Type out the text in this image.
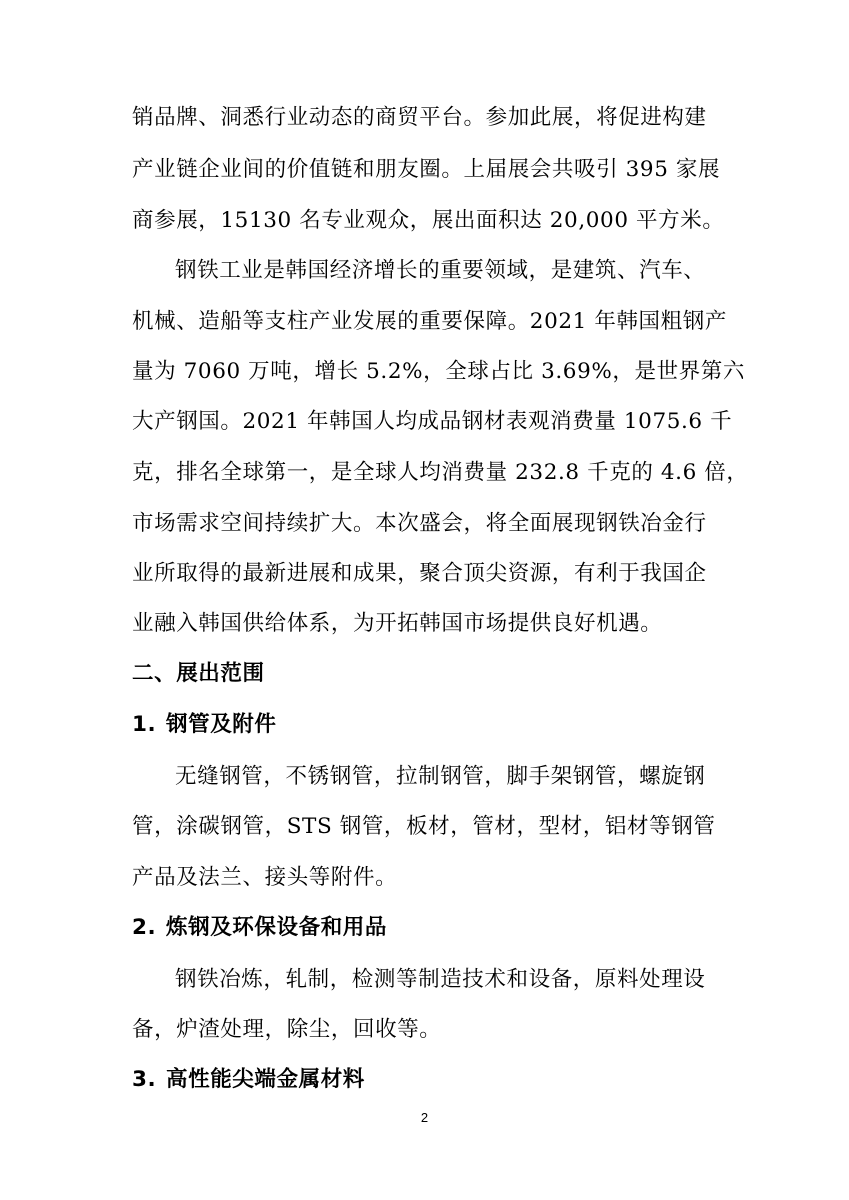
销品牌、洞悉行业动态的商贸平台。参加此展，将促进构建
产业链企业间的价值链和朋友圈。上届展会共吸引 395 家展
商参展，15130 名专业观众，展出面积达 20,000 平方米。
钢铁工业是韩国经济增长的重要领域，是建筑、汽车、
机械、造船等支柱产业发展的重要保障。2021 年韩国粗钢产
量为 7060 万吨，增长 5.2%，全球占比 3.69%，是世界第六
大产钢国。2021 年韩国人均成品钢材表观消费量 1075.6 千
克，排名全球第一，是全球人均消费量 232.8 千克的 4.6 倍，
市场需求空间持续扩大。本次盛会，将全面展现钢铁冶金行
业所取得的最新进展和成果，聚合顶尖资源，有利于我国企
业融入韩国供给体系，为开拓韩国市场提供良好机遇。
二、展出范围
1. 钢管及附件
无缝钢管，不锈钢管，拉制钢管，脚手架钢管，螺旋钢
管，涂碳钢管，STS 钢管，板材，管材，型材，铝材等钢管
产品及法兰、接头等附件。
2. 炼钢及环保设备和用品
钢铁冶炼，轧制，检测等制造技术和设备，原料处理设
备，炉渣处理，除尘，回收等。
3. 高性能尖端金属材料
2
